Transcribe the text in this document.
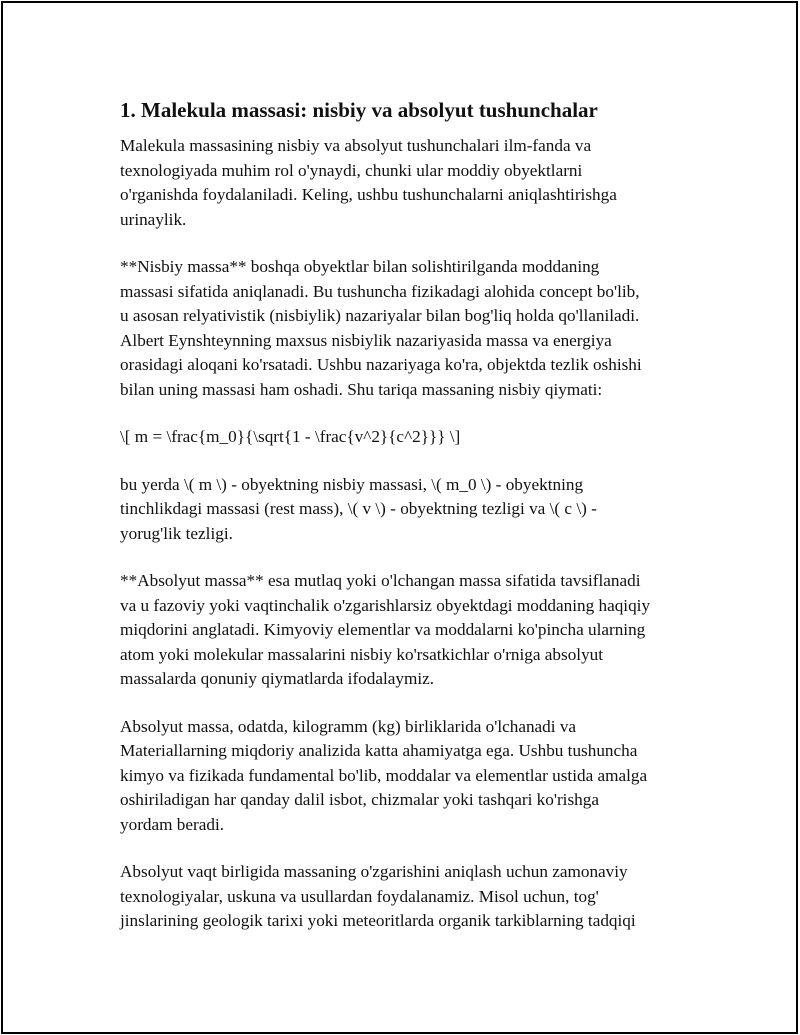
1. Malekula massasi: nisbiy va absolyut tushunchalar

Malekula massasining nisbiy va absolyut tushunchalari ilm-fanda va
texnologiyada muhim rol o'ynaydi, chunki ular moddiy obyektlarni
o'rganishda foydalaniladi. Keling, ushbu tushunchalarni aniqlashtirishga
urinaylik.

**Nisbiy massa** boshqa obyektlar bilan solishtirilganda moddaning
massasi sifatida aniqlanadi. Bu tushuncha fizikadagi alohida concept bo'lib,
u asosan relyativistik (nisbiylik) nazariyalar bilan bog'liq holda qo'llaniladi.
Albert Eynshteynning maxsus nisbiylik nazariyasida massa va energiya
orasidagi aloqani ko'rsatadi. Ushbu nazariyaga ko'ra, objektda tezlik oshishi
bilan uning massasi ham oshadi. Shu tariqa massaning nisbiy qiymati:

\[ m = \frac{m_0}{\sqrt{1 - \frac{v^2}{c^2}}} \]

bu yerda \( m \) - obyektning nisbiy massasi, \( m_0 \) - obyektning
tinchlikdagi massasi (rest mass), \( v \) - obyektning tezligi va \( c \) -
yorug'lik tezligi.

**Absolyut massa** esa mutlaq yoki o'lchangan massa sifatida tavsiflanadi
va u fazoviy yoki vaqtinchalik o'zgarishlarsiz obyektdagi moddaning haqiqiy
miqdorini anglatadi. Kimyoviy elementlar va moddalarni ko'pincha ularning
atom yoki molekular massalarini nisbiy ko'rsatkichlar o'rniga absolyut
massalarda qonuniy qiymatlarda ifodalaymiz.

Absolyut massa, odatda, kilogramm (kg) birliklarida o'lchanadi va
Materiallarning miqdoriy analizida katta ahamiyatga ega. Ushbu tushuncha
kimyo va fizikada fundamental bo'lib, moddalar va elementlar ustida amalga
oshiriladigan har qanday dalil isbot, chizmalar yoki tashqari ko'rishga
yordam beradi.

Absolyut vaqt birligida massaning o'zgarishini aniqlash uchun zamonaviy
texnologiyalar, uskuna va usullardan foydalanamiz. Misol uchun, tog'
jinslarining geologik tarixi yoki meteoritlarda organik tarkiblarning tadqiqi
